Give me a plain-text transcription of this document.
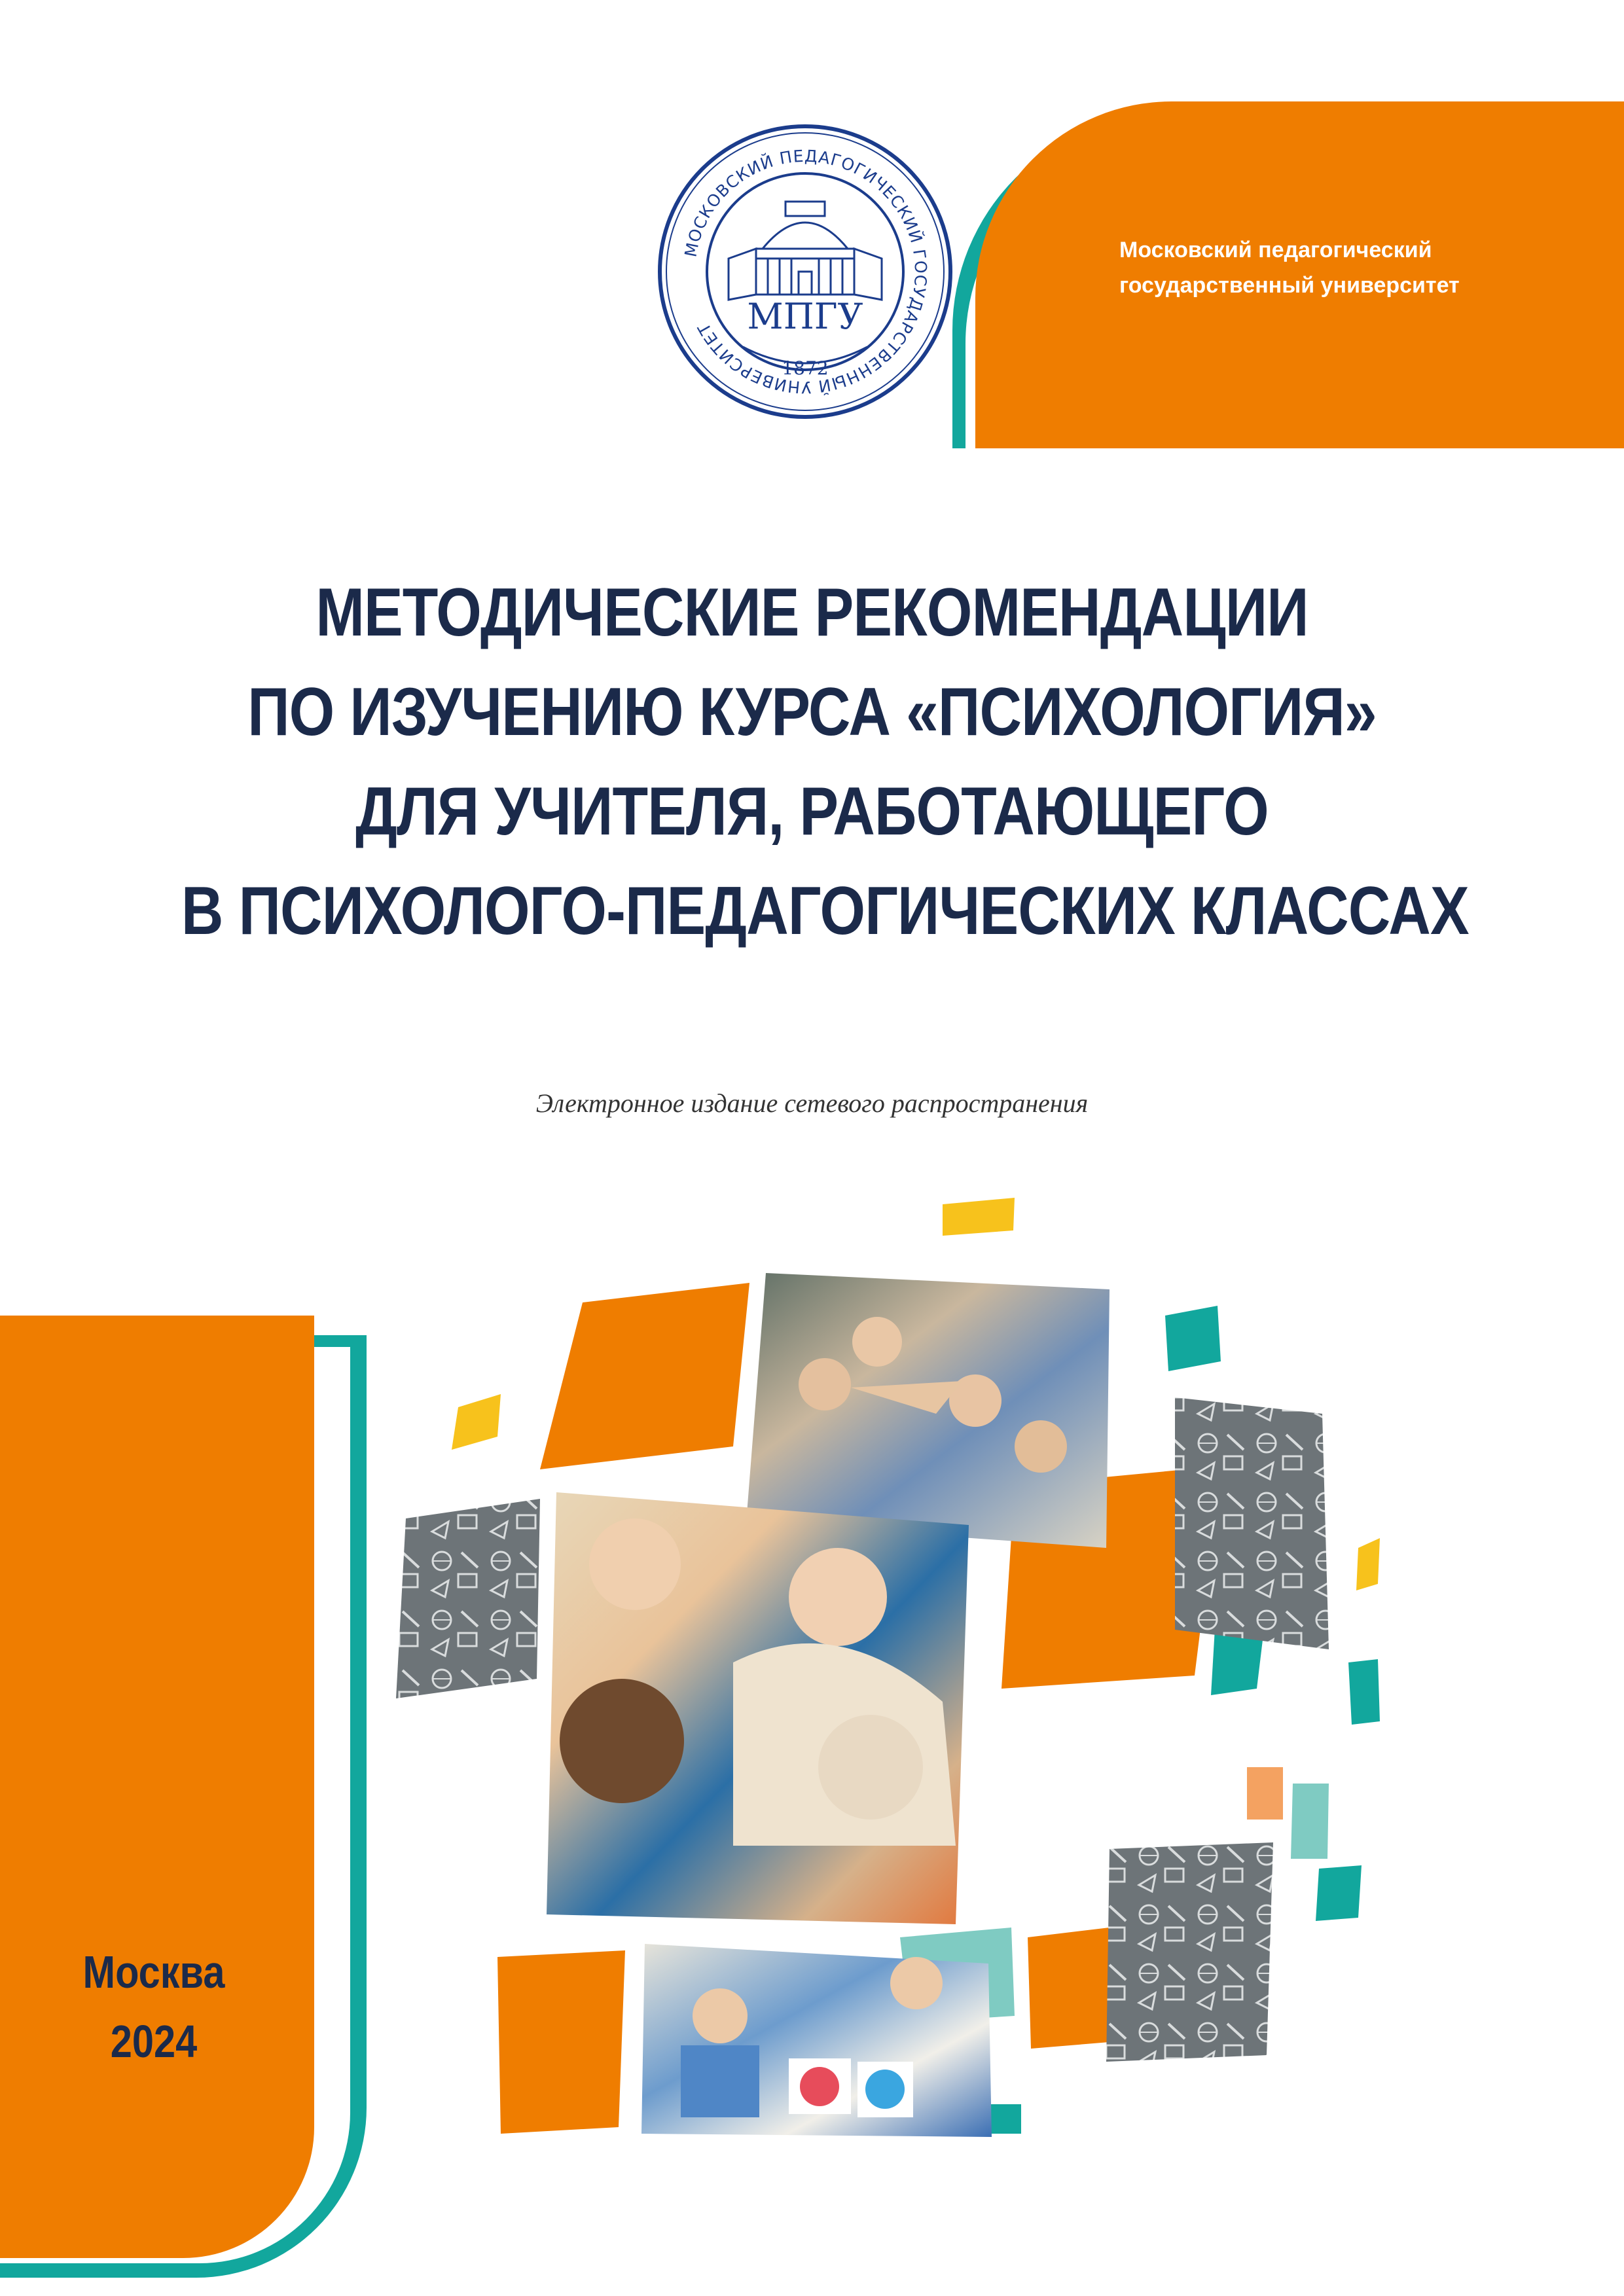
Московский педагогический
государственный университет
МОСКОВСКИЙ ПЕДАГОГИЧЕСКИЙ ГОСУДАРСТВЕННЫЙ УНИВЕРСИТЕТ МПГУ
1872
МЕТОДИЧЕСКИЕ РЕКОМЕНДАЦИИ
ПО ИЗУЧЕНИЮ КУРСА «ПСИХОЛОГИЯ»
ДЛЯ УЧИТЕЛЯ, РАБОТАЮЩЕГО
В ПСИХОЛОГО-ПЕДАГОГИЧЕСКИХ КЛАССАХ
Электронное издание сетевого распространения
Москва
2024
